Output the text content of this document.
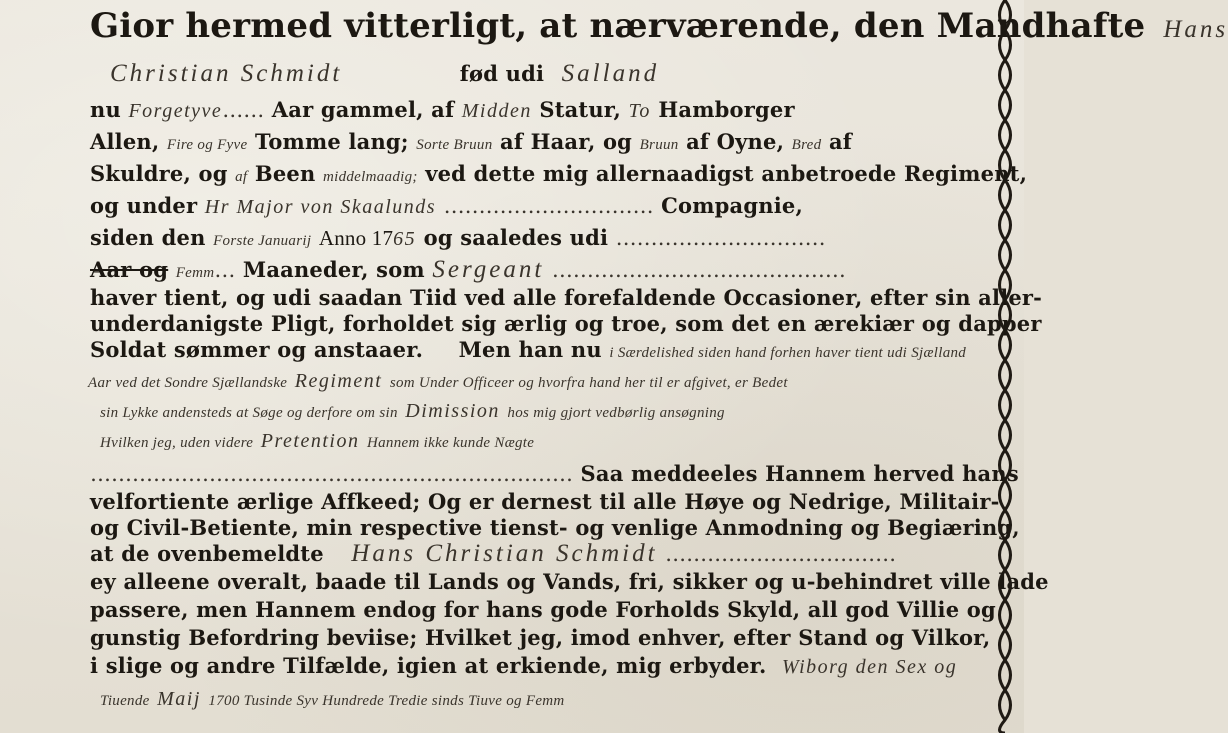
Gior hermed vitterligt, at nærværende, den Mandhafte Hans
Christian Schmidt	fød udi Salland
nu Forgetyve…… Aar gammel, af Midden Statur, To Hamborger
Allen, Fire og Fyve Tomme lang; Sorte Bruun af Haar, og Bruun af Oyne, Bred af
Skuldre, og af Been middelmaadig; ved dette mig allernaadigst anbetroede Regiment,
og under Hr Major von Skaalunds ………………………… Compagnie,
siden den Forste Januarij Anno 1765 og saaledes udi …………………………
Aar og Femm… Maaneder, som Sergeant ……………………………………
haver tient, og udi saadan Tiid ved alle forefaldende Occasioner, efter sin aller-
underdanigste Pligt, forholdet sig ærlig og troe, som det en ærekiær og dapper
Soldat sømmer og anstaaer. Men han nu i Særdelished siden hand forhen haver tient udi Sjælland
Aar ved det Sondre Sjællandske Regiment som Under Officeer og hvorfra hand her til er afgivet, er Bedet
sin Lykke andensteds at Søge og derfore om sin Dimission hos mig gjort vedbørlig ansøgning
Hvilken jeg, uden videre Pretention Hannem ikke kunde Nægte
…………………………………………………………… Saa meddeeles Hannem herved hans
velfortiente ærlige Affkeed; Og er dernest til alle Høye og Nedrige, Militair-
og Civil-Betiente, min respective tienst- og venlige Anmodning og Begiæring,
at de ovenbemeldte Hans Christian Schmidt ……………………………
ey alleene overalt, baade til Lands og Vands, fri, sikker og u-behindret ville lade
passere, men Hannem endog for hans gode Forholds Skyld, all god Villie og
gunstig Befordring beviise; Hvilket jeg, imod enhver, efter Stand og Vilkor,
i slige og andre Tilfælde, igien at erkiende, mig erbyder. Wiborg den Sex og
Tiuende Maij 1700 Tusinde Syv Hundrede Tredie sinds Tiuve og Femm
